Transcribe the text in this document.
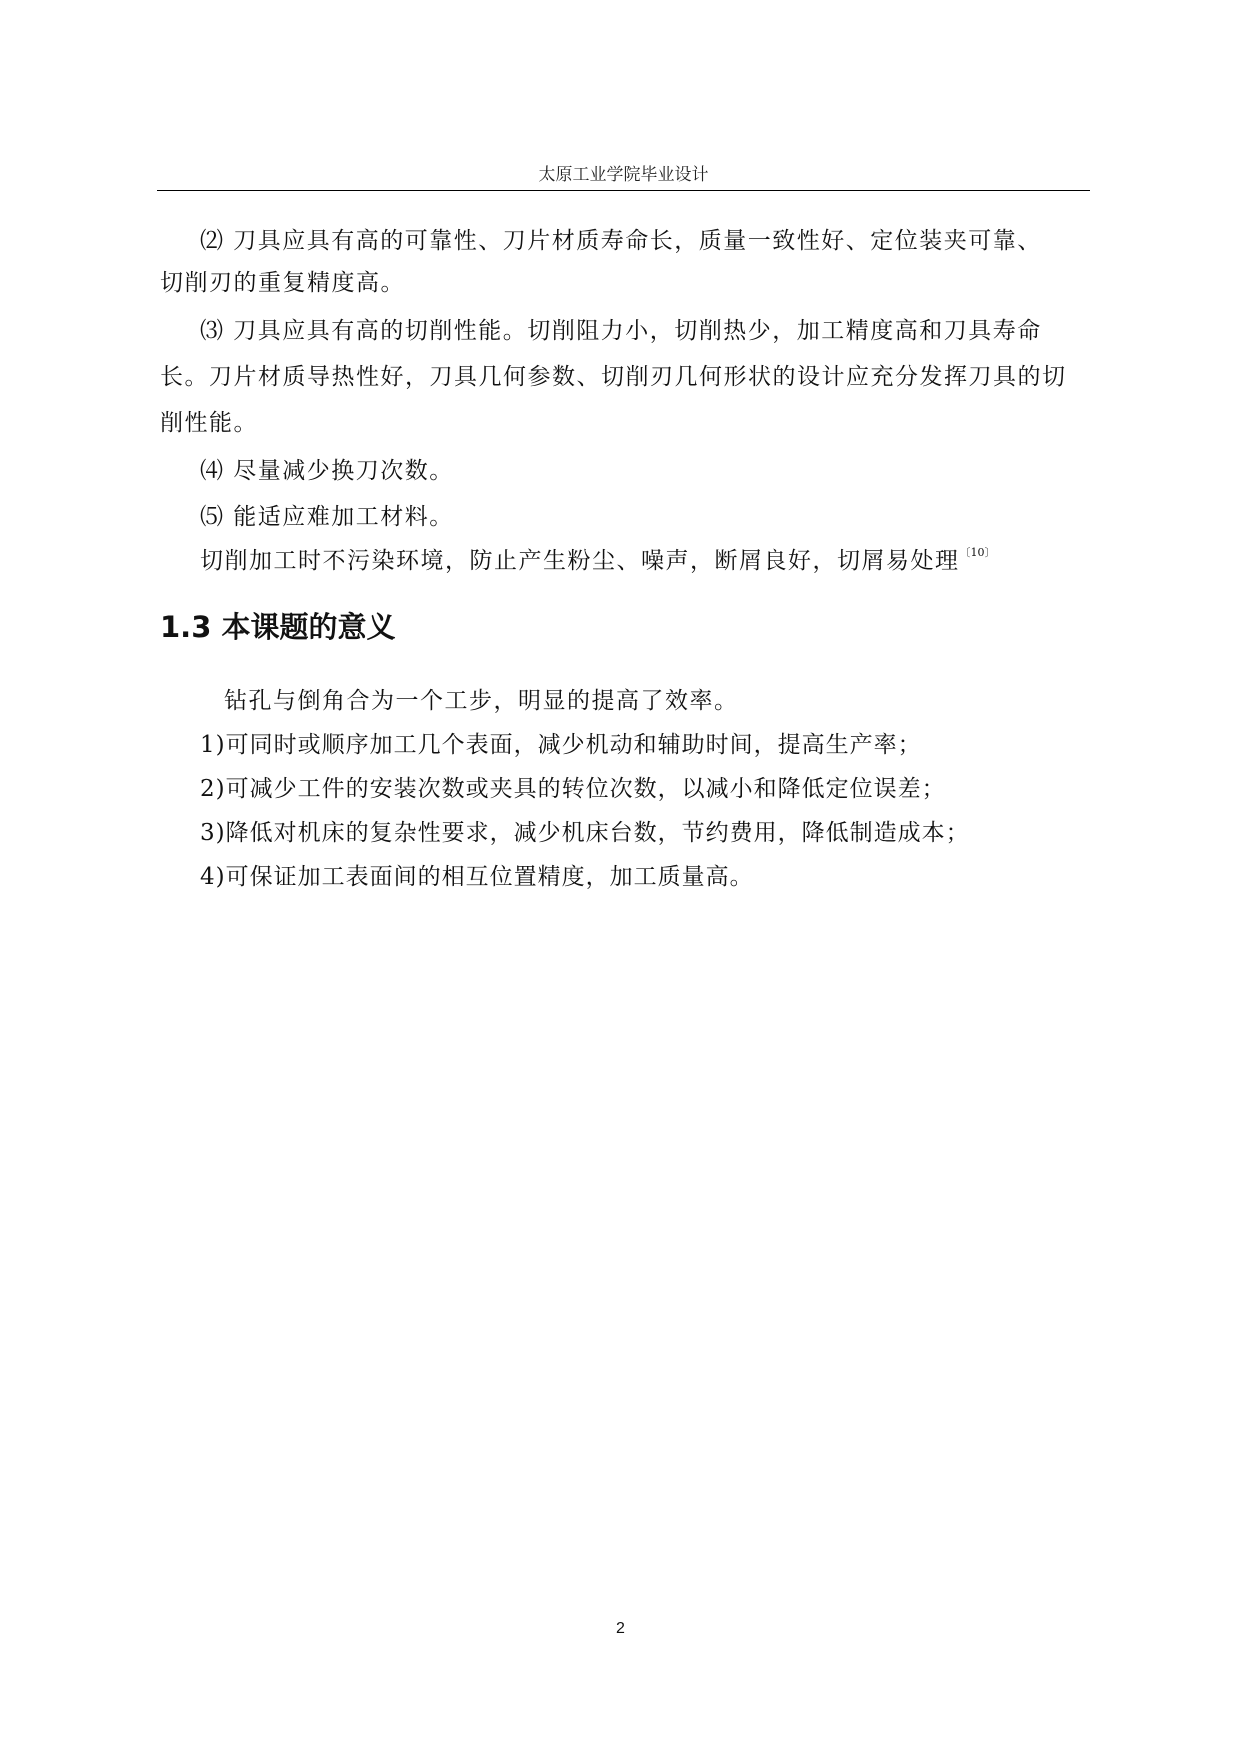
太原工业学院毕业设计
⑵ 刀具应具有高的可靠性、刀片材质寿命长，质量一致性好、定位装夹可靠、
切削刃的重复精度高。
⑶ 刀具应具有高的切削性能。切削阻力小，切削热少，加工精度高和刀具寿命
长。刀片材质导热性好，刀具几何参数、切削刃几何形状的设计应充分发挥刀具的切
削性能。
⑷ 尽量减少换刀次数。
⑸ 能适应难加工材料。
切削加工时不污染环境，防止产生粉尘、噪声，断屑良好，切屑易处理$^{〔10〕}$
1.3 本课题的意义
钻孔与倒角合为一个工步，明显的提高了效率。
1)可同时或顺序加工几个表面，减少机动和辅助时间，提高生产率；
2)可减少工件的安装次数或夹具的转位次数，以减小和降低定位误差；
3)降低对机床的复杂性要求，减少机床台数，节约费用，降低制造成本；
4)可保证加工表面间的相互位置精度，加工质量高。
2
